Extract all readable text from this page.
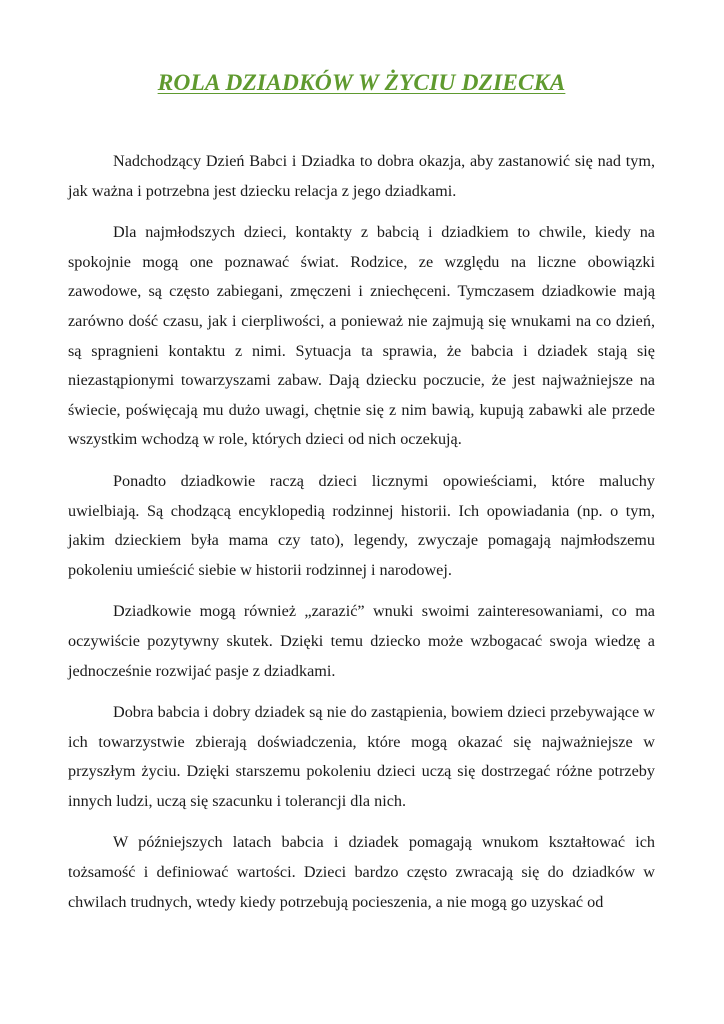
ROLA DZIADKÓW W ŻYCIU DZIECKA

Nadchodzący Dzień Babci i Dziadka to dobra okazja, aby zastanowić się nad tym, jak ważna i potrzebna jest dziecku relacja z jego dziadkami.

Dla najmłodszych dzieci, kontakty z babcią i dziadkiem to chwile, kiedy na spokojnie mogą one poznawać świat. Rodzice, ze względu na liczne obowiązki zawodowe, są często zabiegani, zmęczeni i zniechęceni. Tymczasem dziadkowie mają zarówno dość czasu, jak i cierpliwości, a ponieważ nie zajmują się wnukami na co dzień, są spragnieni kontaktu z nimi. Sytuacja ta sprawia, że babcia i dziadek stają się niezastąpionymi towarzyszami zabaw. Dają dziecku poczucie, że jest najważniejsze na świecie, poświęcają mu dużo uwagi, chętnie się z nim bawią, kupują zabawki ale przede wszystkim wchodzą w role, których dzieci od nich oczekują.

Ponadto dziadkowie raczą dzieci licznymi opowieściami, które maluchy uwielbiają. Są chodzącą encyklopedią rodzinnej historii. Ich opowiadania (np. o tym, jakim dzieckiem była mama czy tato), legendy, zwyczaje pomagają najmłodszemu pokoleniu umieścić siebie w historii rodzinnej i narodowej.

Dziadkowie mogą również „zarazić” wnuki swoimi zainteresowaniami, co ma oczywiście pozytywny skutek. Dzięki temu dziecko może wzbogacać swoja wiedzę a jednocześnie rozwijać pasje z dziadkami.

Dobra babcia i dobry dziadek są nie do zastąpienia, bowiem dzieci przebywające w ich towarzystwie zbierają doświadczenia, które mogą okazać się najważniejsze w przyszłym życiu. Dzięki starszemu pokoleniu dzieci uczą się dostrzegać różne potrzeby innych ludzi, uczą się szacunku i tolerancji dla nich.

W późniejszych latach babcia i dziadek pomagają wnukom kształtować ich tożsamość i definiować wartości. Dzieci bardzo często zwracają się do dziadków w chwilach trudnych, wtedy kiedy potrzebują pocieszenia, a nie mogą go uzyskać od
